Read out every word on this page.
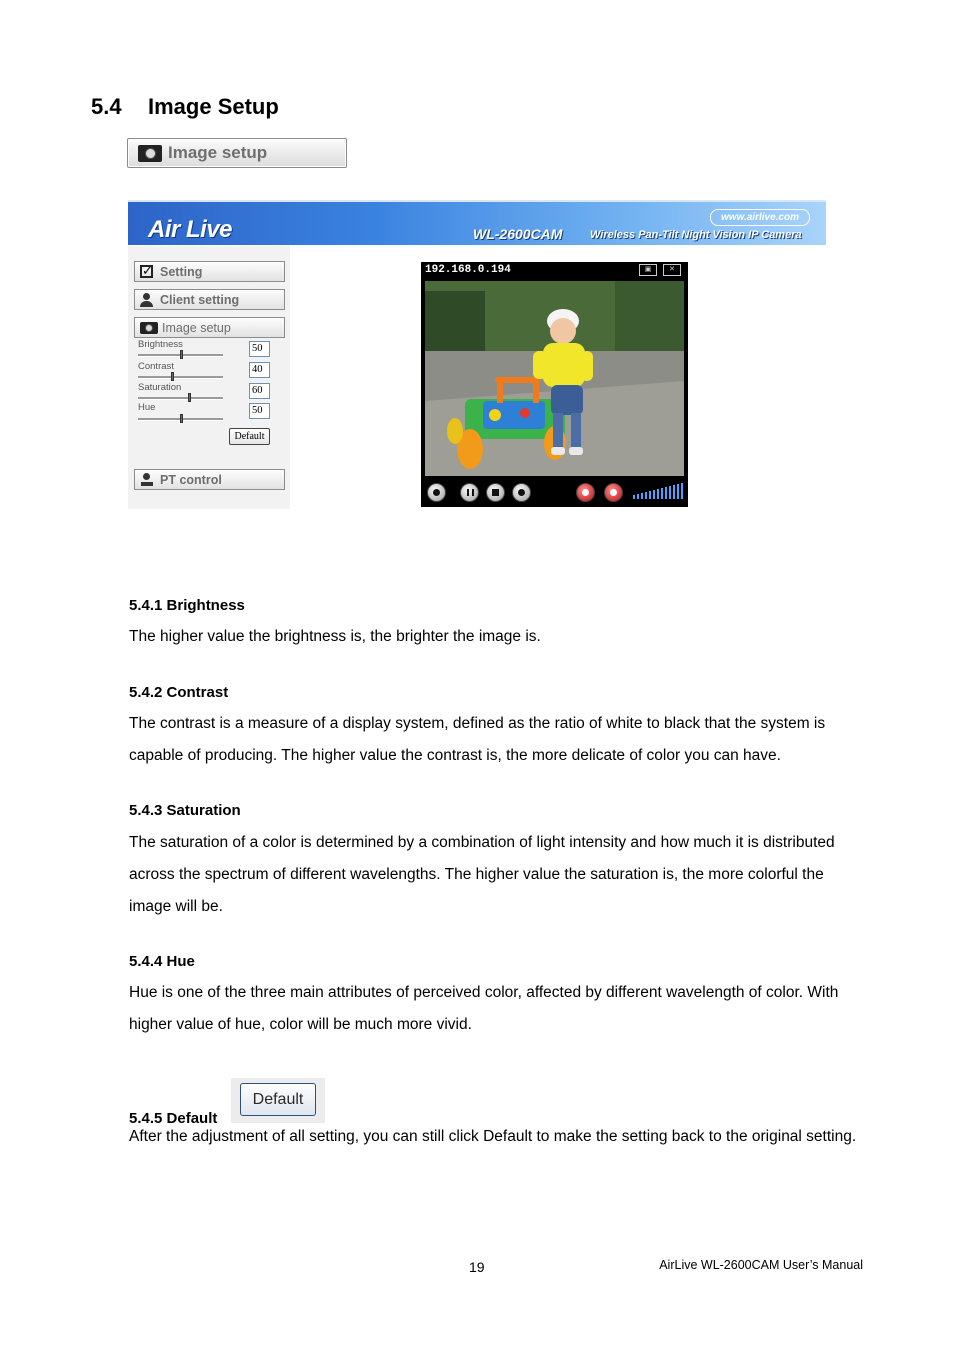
5.4 Image Setup
Image setup
Air Live	www.airlive.com
WL-2600CAM	Wireless Pan-Tilt Night Vision IP Camera
✓
Setting
Client setting
Image setup
Brightness	50
Contrast	40
Saturation	60
Hue	50
Default
PT control
192.168.0.194	▣	✕
5.4.1 Brightness

The higher value the brightness is, the brighter the image is.

5.4.2 Contrast

The contrast is a measure of a display system, defined as the ratio of white to black that the system is capable of producing. The higher value the contrast is, the more delicate of color you can have.

5.4.3 Saturation

The saturation of a color is determined by a combination of light intensity and how much it is distributed across the spectrum of different wavelengths. The higher value the saturation is, the more colorful the image will be.

5.4.4 Hue

Hue is one of the three main attributes of perceived color, affected by different wavelength of color. With higher value of hue, color will be much more vivid.

5.4.5 Default
Default

After the adjustment of all setting, you can still click Default to make the setting back to the original setting.

19	AirLive WL-2600CAM User’s Manual
